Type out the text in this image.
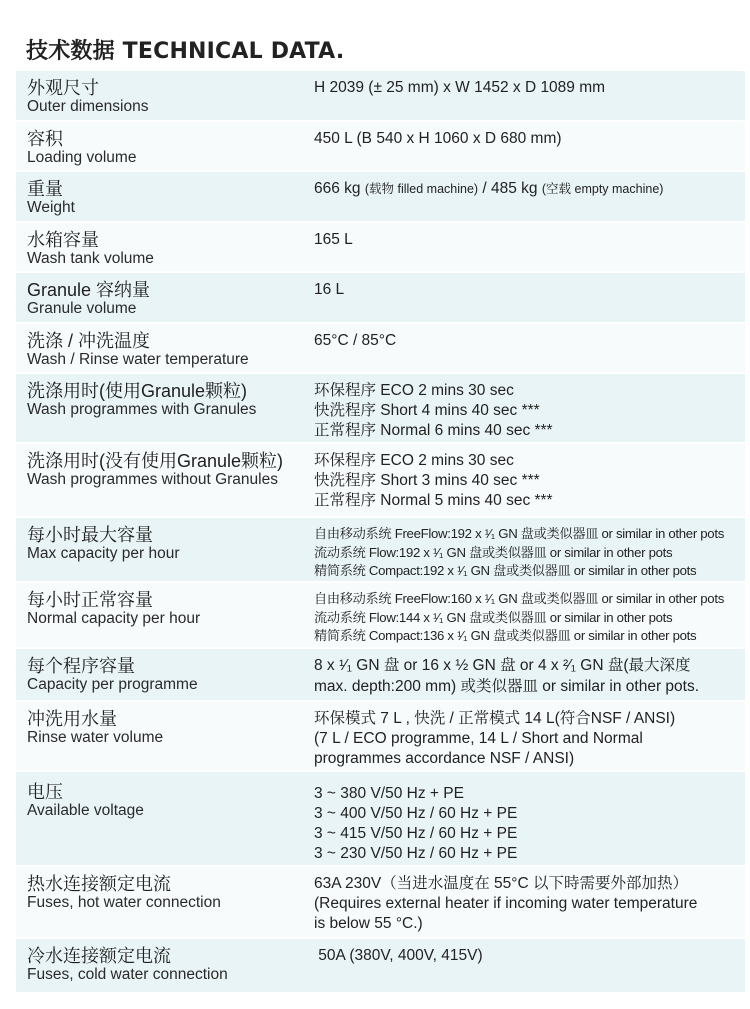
技术数据 TECHNICAL DATA.
外观尺寸
Outer dimensions
H 2039 (± 25 mm) x W 1452 x D 1089 mm
容积
Loading volume
450 L (B 540 x H 1060 x D 680 mm)
重量
Weight
666 kg (载物 filled machine) / 485 kg (空载 empty machine)
水箱容量
Wash tank volume
165 L
Granule 容纳量
Granule volume
16 L
洗涤 / 冲洗温度
Wash / Rinse water temperature
65°C / 85°C
洗涤用时(使用Granule颗粒)
Wash programmes with Granules
环保程序 ECO 2 mins 30 sec
快洗程序 Short 4 mins 40 sec ***
正常程序 Normal 6 mins 40 sec ***
洗涤用时(没有使用Granule颗粒)
Wash programmes without Granules
环保程序 ECO 2 mins 30 sec
快洗程序 Short 3 mins 40 sec ***
正常程序 Normal 5 mins 40 sec ***
每小时最大容量
Max capacity per hour
自由移动系统 FreeFlow:192 x ¹⁄₁ GN 盘或类似器皿 or similar in other pots
流动系统 Flow:192 x ¹⁄₁ GN 盘或类似器皿 or similar in other pots
精简系统 Compact:192 x ¹⁄₁ GN 盘或类似器皿 or similar in other pots
每小时正常容量
Normal capacity per hour
自由移动系统 FreeFlow:160 x ¹⁄₁ GN 盘或类似器皿 or similar in other pots
流动系统 Flow:144 x ¹⁄₁ GN 盘或类似器皿 or similar in other pots
精简系统 Compact:136 x ¹⁄₁ GN 盘或类似器皿 or similar in other pots
每个程序容量
Capacity per programme
8 x ¹⁄₁ GN 盘 or 16 x ½ GN 盘 or 4 x ²⁄₁ GN 盘(最大深度
max. depth:200 mm) 或类似器皿 or similar in other pots.
冲洗用水量
Rinse water volume
环保模式 7 L , 快洗 / 正常模式 14 L(符合NSF / ANSI)
(7 L / ECO programme, 14 L / Short and Normal
programmes accordance NSF / ANSI)
电压
Available voltage
3 ~ 380 V/50 Hz + PE
3 ~ 400 V/50 Hz / 60 Hz + PE
3 ~ 415 V/50 Hz / 60 Hz + PE
3 ~ 230 V/50 Hz / 60 Hz + PE
热水连接额定电流
Fuses, hot water connection
63A 230V（当进水温度在 55°C 以下時需要外部加热）
(Requires external heater if incoming water temperature
is below 55 °C.)
冷水连接额定电流
Fuses, cold water connection
50A (380V, 400V, 415V)
